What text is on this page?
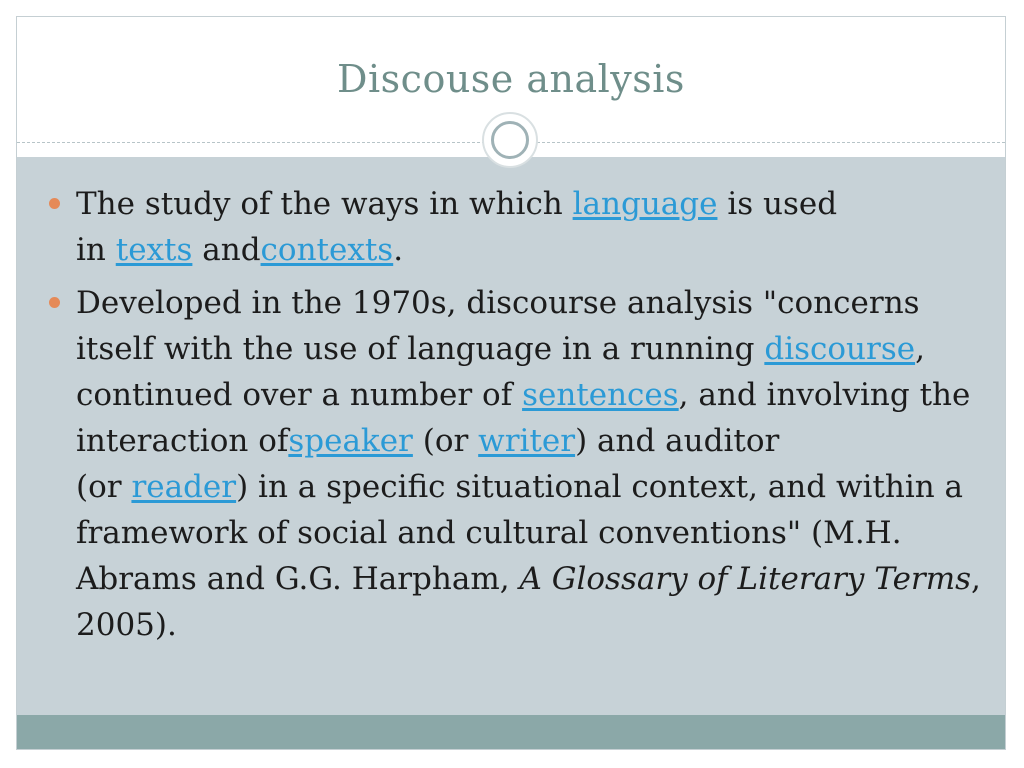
Discouse analysis
The study of the ways in which language is used
in texts andcontexts.
Developed in the 1970s, discourse analysis "concerns itself with the use of language in a running discourse, continued over a number of sentences, and involving the interaction ofspeaker (or writer) and auditor
(or reader) in a specific situational context, and within a framework of social and cultural conventions" (M.H. Abrams and G.G. Harpham, A Glossary of Literary Terms, 2005).
